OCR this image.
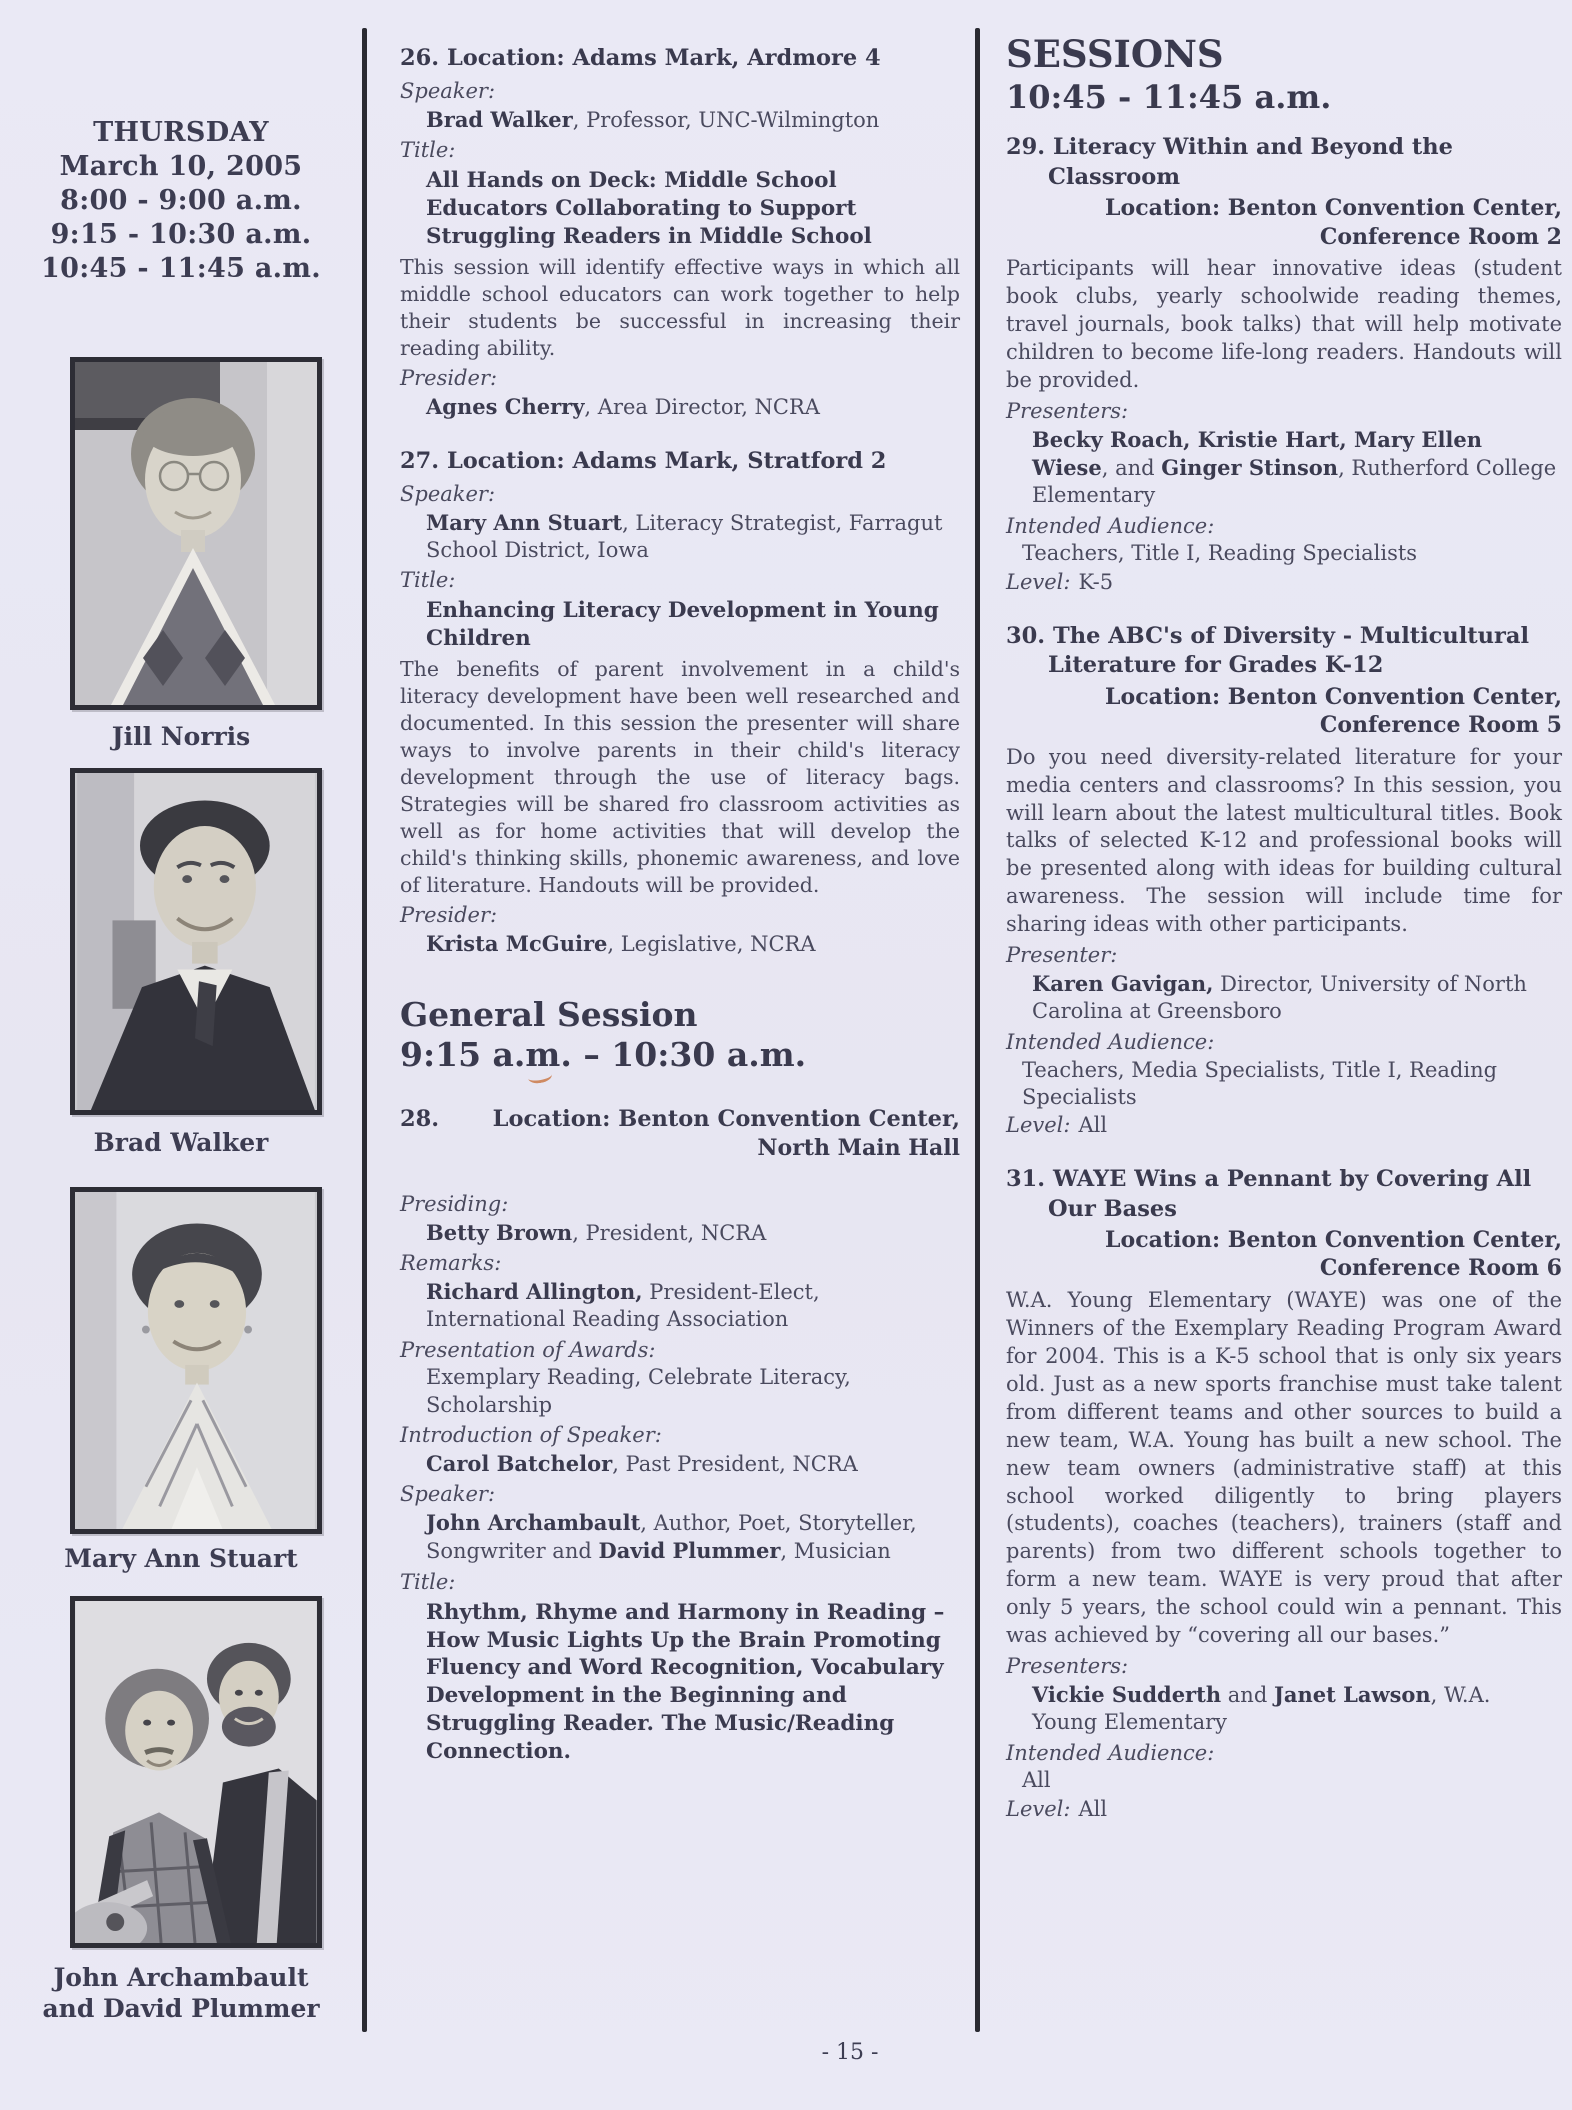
THURSDAY
March 10, 2005
8:00 - 9:00 a.m.
9:15 - 10:30 a.m.
10:45 - 11:45 a.m.
Jill Norris
Brad Walker
Mary Ann Stuart
John Archambault
and David Plummer
26. Location: Adams Mark, Ardmore 4
Speaker:
Brad Walker, Professor, UNC-Wilmington
Title:
All Hands on Deck: Middle School Educators Collaborating to Support Struggling Readers in Middle School
This session will identify effective ways in which all middle school educators can work together to help their students be successful in increasing their reading ability.
Presider:
Agnes Cherry, Area Director, NCRA
27. Location: Adams Mark, Stratford 2
Speaker:
Mary Ann Stuart, Literacy Strategist, Farragut School District, Iowa
Title:
Enhancing Literacy Development in Young Children
The benefits of parent involvement in a child's literacy development have been well researched and documented. In this session the presenter will share ways to involve parents in their child's literacy development through the use of literacy bags. Strategies will be shared fro classroom activities as well as for home activities that will develop the child's thinking skills, phonemic awareness, and love of literature. Handouts will be provided.
Presider:
Krista McGuire, Legislative, NCRA
General Session
9:15 a.m. – 10:30 a.m.
28. Location: Benton Convention Center,
North Main Hall
Presiding:
Betty Brown, President, NCRA
Remarks:
Richard Allington, President-Elect, International Reading Association
Presentation of Awards:
Exemplary Reading, Celebrate Literacy, Scholarship
Introduction of Speaker:
Carol Batchelor, Past President, NCRA
Speaker:
John Archambault, Author, Poet, Storyteller, Songwriter and David Plummer, Musician
Title:
Rhythm, Rhyme and Harmony in Reading – How Music Lights Up the Brain Promoting Fluency and Word Recognition, Vocabulary Development in the Beginning and Struggling Reader. The Music/Reading Connection.
SESSIONS
10:45 - 11:45 a.m.
29. Literacy Within and Beyond the Classroom
Location: Benton Convention Center,
Conference Room 2
Participants will hear innovative ideas (student book clubs, yearly schoolwide reading themes, travel journals, book talks) that will help motivate children to become life-long readers. Handouts will be provided.
Presenters:
Becky Roach, Kristie Hart, Mary Ellen Wiese, and Ginger Stinson, Rutherford College Elementary
Intended Audience:
Teachers, Title I, Reading Specialists
Level: K-5
30. The ABC's of Diversity - Multicultural Literature for Grades K-12
Location: Benton Convention Center,
Conference Room 5
Do you need diversity-related literature for your media centers and classrooms? In this session, you will learn about the latest multicultural titles. Book talks of selected K-12 and professional books will be presented along with ideas for building cultural awareness. The session will include time for sharing ideas with other participants.
Presenter:
Karen Gavigan, Director, University of North Carolina at Greensboro
Intended Audience:
Teachers, Media Specialists, Title I, Reading Specialists
Level: All
31. WAYE Wins a Pennant by Covering All Our Bases
Location: Benton Convention Center,
Conference Room 6
W.A. Young Elementary (WAYE) was one of the Winners of the Exemplary Reading Program Award for 2004. This is a K-5 school that is only six years old. Just as a new sports franchise must take talent from different teams and other sources to build a new team, W.A. Young has built a new school. The new team owners (administrative staff) at this school worked diligently to bring players (students), coaches (teachers), trainers (staff and parents) from two different schools together to form a new team. WAYE is very proud that after only 5 years, the school could win a pennant. This was achieved by “covering all our bases.”
Presenters:
Vickie Sudderth and Janet Lawson, W.A. Young Elementary
Intended Audience:
All
Level: All
- 15 -
